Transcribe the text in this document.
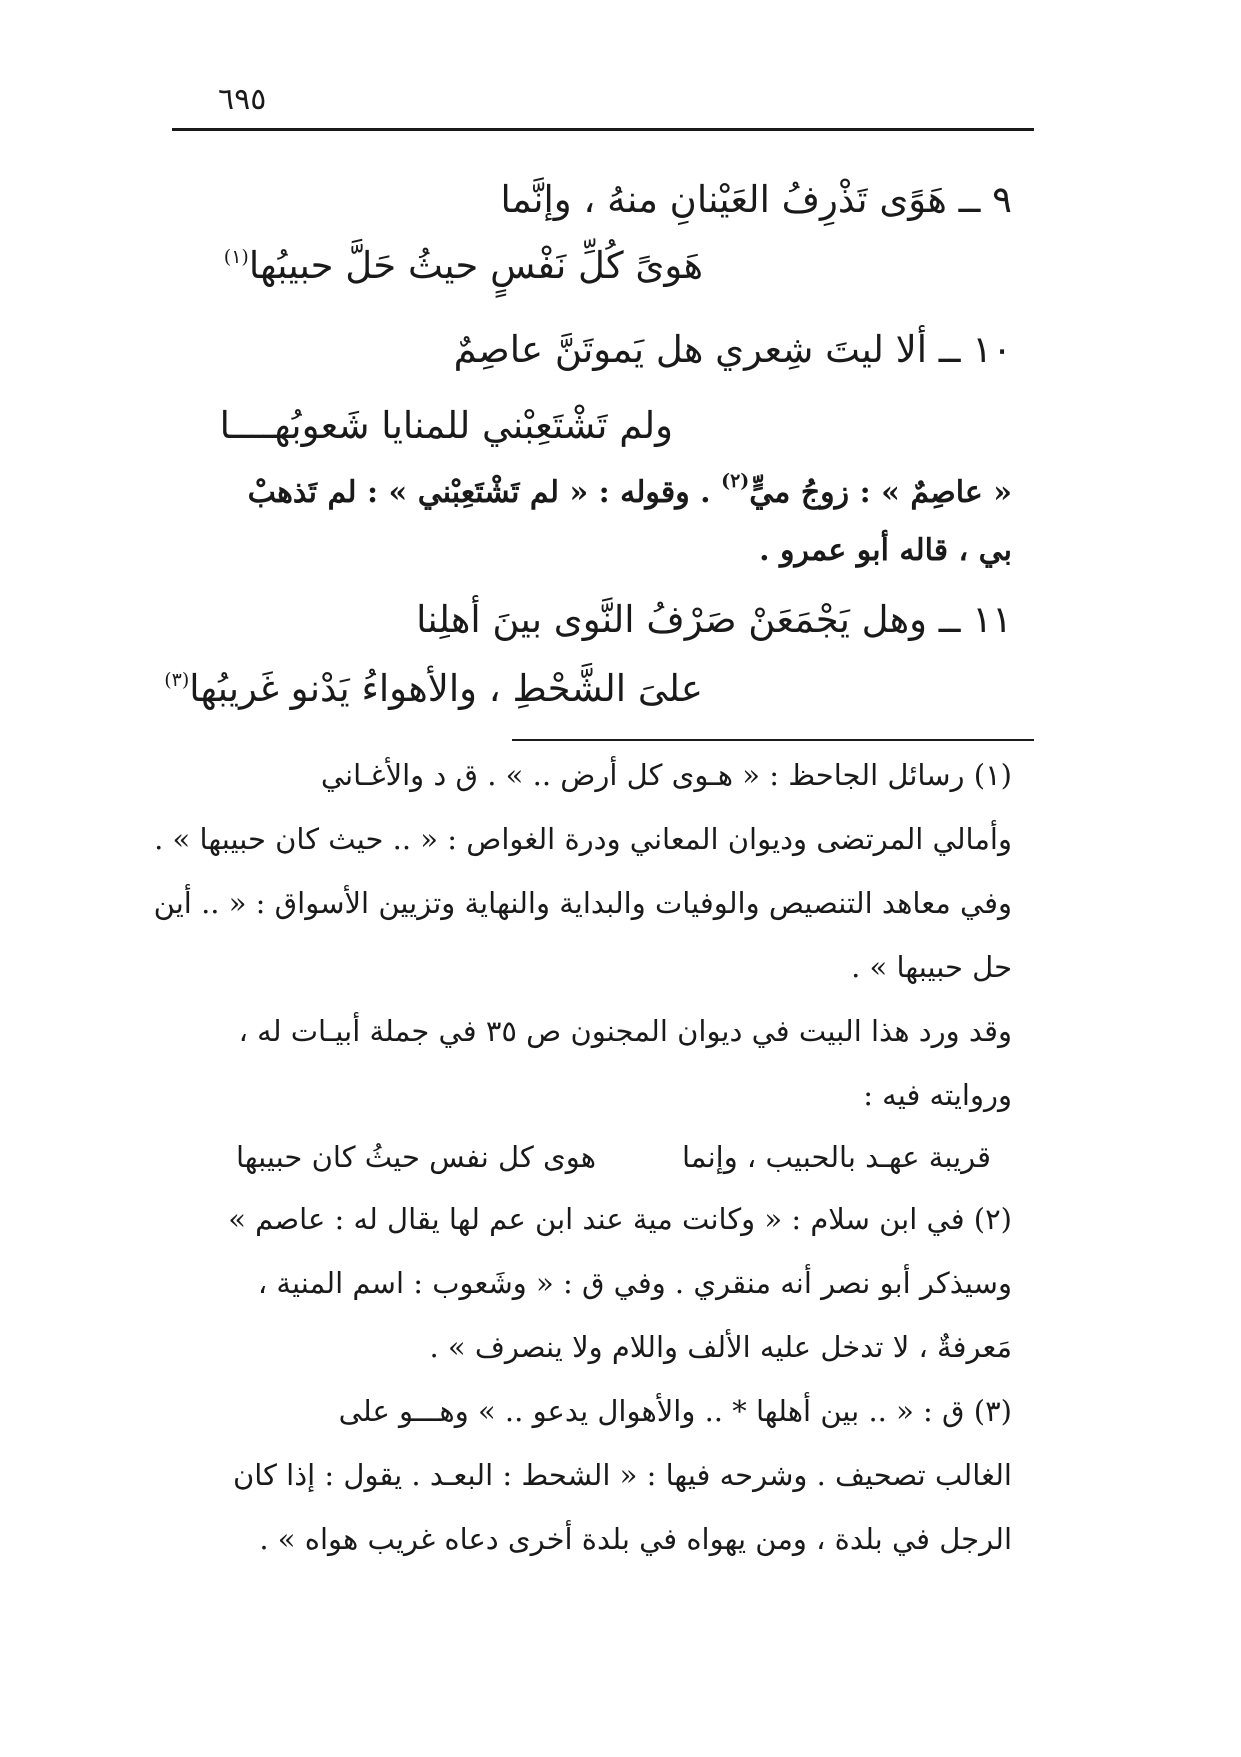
٦٩٥
٩ ــ هَوًى تَذْرِفُ العَيْنانِ منهُ ، وإنَّما
هَوىً كُلِّ نَفْسٍ حيثُ حَلَّ حبيبُها$^{(١)}$
١٠ ــ ألا ليتَ شِعري هل يَموتَنَّ عاصِمٌ
ولم تَشْتَعِبْني للمنايا شَعوبُهــــا
« عاصِمٌ » : زوجُ ميٍّ$^{(٢)}$ . وقوله : « لم تَشْتَعِبْني » : لم تَذهبْ
بي ، قاله أبو عمرو .
١١ ــ وهل يَجْمَعَنْ صَرْفُ النَّوى بينَ أهلِنا
علىَ الشَّحْطِ ، والأهواءُ يَدْنو غَريبُها$^{(٣)}$
(١) رسائل الجاحظ : « هـوى كل أرض .. » . ق د والأغـاني
وأمالي المرتضى وديوان المعاني ودرة الغواص : « .. حيث كان حبيبها » .
وفي معاهد التنصيص والوفيات والبداية والنهاية وتزيين الأسواق : « .. أين
حل حبيبها » .
وقد ورد هذا البيت في ديوان المجنون ص ٣٥ في جملة أبيـات له ،
وروايته فيه :
قريبة عهـد بالحبيب ، وإنما
هوى كل نفس حيثُ كان حبيبها
(٢) في ابن سلام : « وكانت مية عند ابن عم لها يقال له : عاصم »
وسيذكر أبو نصر أنه منقري . وفي ق : « وشَعوب : اسم المنية ،
مَعرفةٌ ، لا تدخل عليه الألف واللام ولا ينصرف » .
(٣) ق : « .. بين أهلها * .. والأهوال يدعو .. » وهـــو على
الغالب تصحيف . وشرحه فيها : « الشحط : البعـد . يقول : إذا كان
الرجل في بلدة ، ومن يهواه في بلدة أخرى دعاه غريب هواه » .
